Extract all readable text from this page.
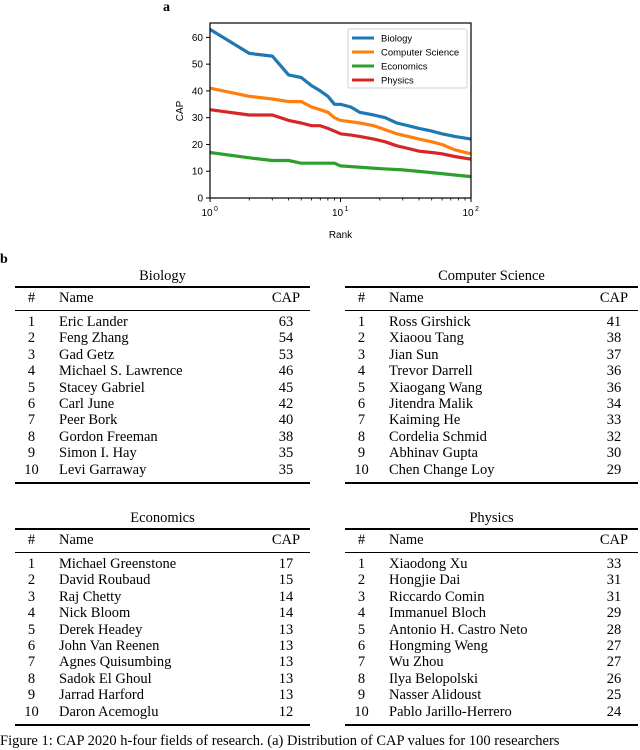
a
0
10
20
30
40
50
60
10 0	10 1	10 2
Rank
CAP
Biology
Computer Science
Economics
Physics
b
Biology
#	Name	CAP
1	Eric Lander	63
2	Feng Zhang	54
3	Gad Getz	53
4	Michael S. Lawrence	46
5	Stacey Gabriel	45
6	Carl June	42
7	Peer Bork	40
8	Gordon Freeman	38
9	Simon I. Hay	35
10	Levi Garraway	35
Computer Science
#	Name	CAP
1	Ross Girshick	41
2	Xiaoou Tang	38
3	Jian Sun	37
4	Trevor Darrell	36
5	Xiaogang Wang	36
6	Jitendra Malik	34
7	Kaiming He	33
8	Cordelia Schmid	32
9	Abhinav Gupta	30
10	Chen Change Loy	29
Economics
#	Name	CAP
1	Michael Greenstone	17
2	David Roubaud	15
3	Raj Chetty	14
4	Nick Bloom	14
5	Derek Headey	13
6	John Van Reenen	13
7	Agnes Quisumbing	13
8	Sadok El Ghoul	13
9	Jarrad Harford	13
10	Daron Acemoglu	12
Physics
#	Name	CAP
1	Xiaodong Xu	33
2	Hongjie Dai	31
3	Riccardo Comin	31
4	Immanuel Bloch	29
5	Antonio H. Castro Neto	28
6	Hongming Weng	27
7	Wu Zhou	27
8	Ilya Belopolski	26
9	Nasser Alidoust	25
10	Pablo Jarillo-Herrero	24
Figure 1: CAP 2020 h-four fields of research. (a) Distribution of CAP values for 100 researchers
